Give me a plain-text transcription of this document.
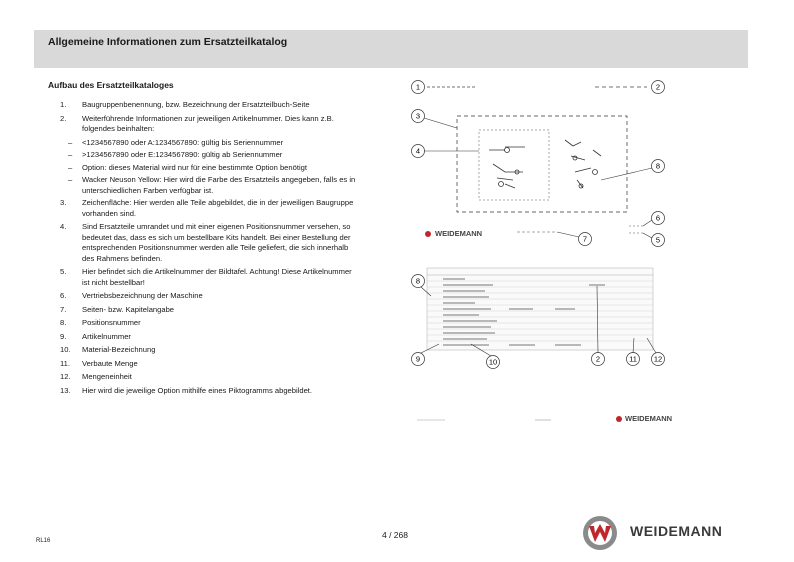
Allgemeine Informationen zum Ersatzteilkatalog
Aufbau des Ersatzteilkataloges
1. Baugruppenbenennung, bzw. Bezeichnung der Ersatzteilbuch-Seite
2. Weiterführende Informationen zur jeweiligen Artikelnummer. Dies kann z.B. folgendes beinhalten:
– <1234567890 oder A:1234567890: gültig bis Seriennummer
– >1234567890 oder E:1234567890: gültig ab Seriennummer
– Option: dieses Material wird nur für eine bestimmte Option benötigt
– Wacker Neuson Yellow: Hier wird die Farbe des Ersatzteils angegeben, falls es in unterschiedlichen Farben verfügbar ist.
3. Zeichenfläche: Hier werden alle Teile abgebildet, die in der jeweiligen Baugruppe vorhanden sind.
4. Sind Ersatzteile umrandet und mit einer eigenen Positionsnummer versehen, so bedeutet das, dass es sich um bestellbare Kits handelt. Bei einer Bestellung der entsprechenden Positionsnummer werden alle Teile geliefert, die sich innerhalb des Rahmens befinden.
5. Hier befindet sich die Artikelnummer der Bildtafel. Achtung! Diese Artikelnummer ist nicht bestellbar!
6. Vertriebsbezeichnung der Maschine
7. Seiten- bzw. Kapitelangabe
8. Positionsnummer
9. Artikelnummer
10. Material-Bezeichnung
11. Verbaute Menge
12. Mengeneinheit
13. Hier wird die jeweilige Option mithilfe eines Piktogramms abgebildet.
1	2
3
4
8
WEIDEMANN
7
6
5
8
9	10	2	11 12
WEIDEMANN
RL16
4 / 268	WEIDEMANN
